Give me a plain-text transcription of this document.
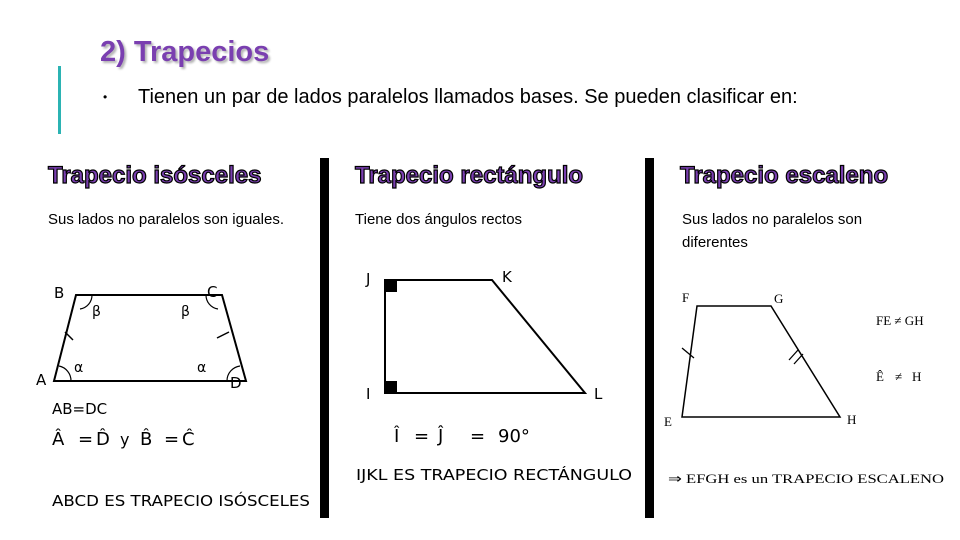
2) Trapecios
• Tienen un par de lados paralelos llamados bases. Se pueden clasificar en:
Trapecio isósceles
Sus lados no paralelos son iguales.
B	C
A	D
β	β
α	α
AB=DC
Â = D̂ y B̂ = Ĉ
ABCD ES TRAPECIO ISÓSCELES
Trapecio rectángulo
Tiene dos ángulos rectos
J	K
I	L
Î = Ĵ = 90°
IJKL ES TRAPECIO RECTÁNGULO
Trapecio escaleno
Sus lados no paralelos son diferentes
F	G
E	H
FE ≠ GH
Ê ≠ H
⇒ EFGH es un TRAPECIO ESCALENO
